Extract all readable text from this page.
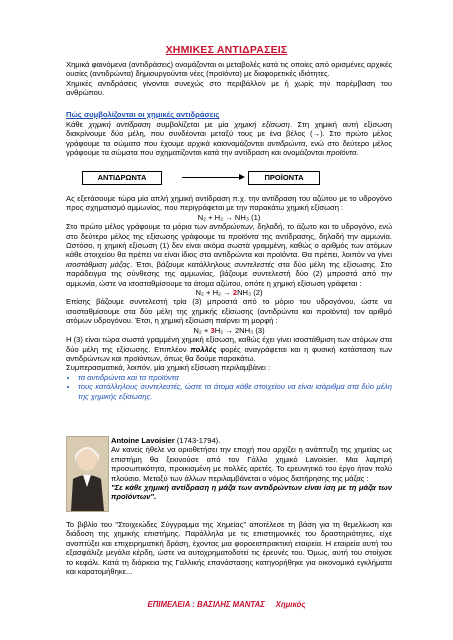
ΧΗΜΙΚΕΣ ΑΝΤΙΔΡΑΣΕΙΣ
Χημικά φαινόμενα (αντιδράσεις) ονομάζονται οι μεταβολές κατά τις οποίες από ορισμένες αρχικές ουσίες (αντιδρώντα) δημιουργούνται νέες (προϊόντα) με διαφορετικές ιδιότητες.
Χημικές αντιδράσεις γίνονται συνεχώς στο περιβάλλον με ή χωρίς την παρέμβαση του ανθρώπου.
Πώς συμβολίζονται οι χημικές αντιδράσεις
Κάθε χημική αντίδραση συμβολίζεται με μία χημική εξίσωση. Στη χημική αυτή εξίσωση διακρίνουμε δύο μέλη, που συνδέονται μεταξύ τους με ένα βέλος (→). Στο πρώτο μέλος γράφουμε τα σώματα που έχουμε αρχικά καιονομάζονται αντιδρώντα, ενώ στο δεύτερο μέλος γράφουμε τα σώματα που σχηματίζονται κατά την αντίδραση και ονομάζονται προϊόντα.
ΑΝΤΙΔΡΩΝΤΑ	ΠΡΟΪΟΝΤΑ
Ας εξετάσουμε τώρα μία απλή χημική αντίδραση π.χ. την αντίδραση του αζώτου με το υδρογόνο προς σχηματισμό αμμωνίας, που περιγράφεται με την παρακάτω χημική εξίσωση :
N₂ + H₂ → NH₃ (1)
Στο πρώτο μέλος γράφουμε τα μόρια των αντιδρώντων, δηλαδή, το άζωτο και το υδρογόνο, ενώ στο δεύτερο μέλος της εξίσωσης γράφουμε τα προϊόντα της αντίδρασης, δηλαδή την αμμωνία. Ωστόσο, η χημική εξίσωση (1) δεν είναι ακόμα σωστά γραμμένη, καθώς ο αριθμός των ατόμων κάθε στοιχείου θα πρέπει να είναι ίδιος στα αντιδρώντα και προϊόντα. Θα πρέπει, λοιπόν να γίνει ισοστάθμιση μάζας. Έτσι, βάζουμε κατάλληλους συντελεστές στα δύο μέλη της εξίσωσης. Στο παράδειγμα της σύνθεσης της αμμωνίας, βάζουμε συντελεστή δύο (2) μπροστά από την αμμωνία, ώστε να ισοσταθμίσουμε τα άτομα αζώτου, οπότε η χημική εξίσωση γράφεται :
N₂ + H₂ → 2NH₃ (2)
Επίσης βάζουμε συντελεστή τρία (3) μπροστά από το μόριο του υδρογόνου, ώστε να ισοσταθμίσουμε στα δύο μέλη της χημικής εξίσωσης (αντιδρώντα και προϊόντα) τον αριθμό ατόμων υδρογόνου. Έτσι, η χημική εξίσωση παίρνει τη μορφή :
N₂ + 3H₂ → 2NH₃ (3)
Η (3) είναι τώρα σωστά γραμμένη χημική εξίσωση, καθώς έχει γίνει ισοστάθμιση των ατόμων στα δύο μέλη της εξίσωσης. Επιπλέον πολλές φορές αναγράφεται και η φυσική κατάσταση των αντιδρώντων και προϊόντων, όπως θα δούμε παρακάτω.
Συμπερασματικά, λοιπόν, μία χημική εξίσωση περιλαμβάνει :
• τα αντιδρώντα και τα προϊόντα
• τους κατάλληλους συντελεστές, ώστε τα άτομα κάθε στοιχείου να είναι ισάριθμα στα δύο μέλη της χημικής εξίσωσης.
Antoine Lavoisier (1743-1794).
Αν κανείς ήθελε να οριοθετήσει την εποχή που αρχίζει η ανάπτυξη της χημείας ως επιστήμη θα ξεκινούσε από τον Γάλλο χημικό Lavoisier. Μια λαμπρή προσωπικότητα, προικισμένη με πολλές αρετές. Το ερευνητικό του έργο ήταν πολύ πλούσιο. Μεταξύ των άλλων περιλαμβάνεται ο νόμος διατήρησης της μάζας :
"Σε κάθε χημική αντίδραση η μάζα των αντιδρώντων είναι ίση με τη μάζα των προϊόντων".
Το βιβλίο του "Στοιχειώδες Σύγγραμμα της Χημείας" αποτέλεσε τη βάση για τη θεμελίωση και διάδοση της χημικής επιστήμης. Παράλληλα με τις επιστημονικές του δραστηριότητες, είχε αναπτύξει και επιχειρηματική δράση, έχοντας μια φοροεισπρακτική εταιρεία. Η εταιρεία αυτή του εξασφάλιζε μεγάλα κέρδη, ώστε να αυτοχρηματοδοτεί τις έρευνές του. Όμως, αυτή του στοίχισε το κεφάλι. Κατά τη διάρκεια της Γαλλικής επανάστασης κατηγορήθηκε για οικονομικά εγκλήματα και καρατομήθηκε...
ΕΠΙΜΕΛΕΙΑ : ΒΑΣΙΛΗΣ ΜΑΝΤΑΣ     Χημικός
